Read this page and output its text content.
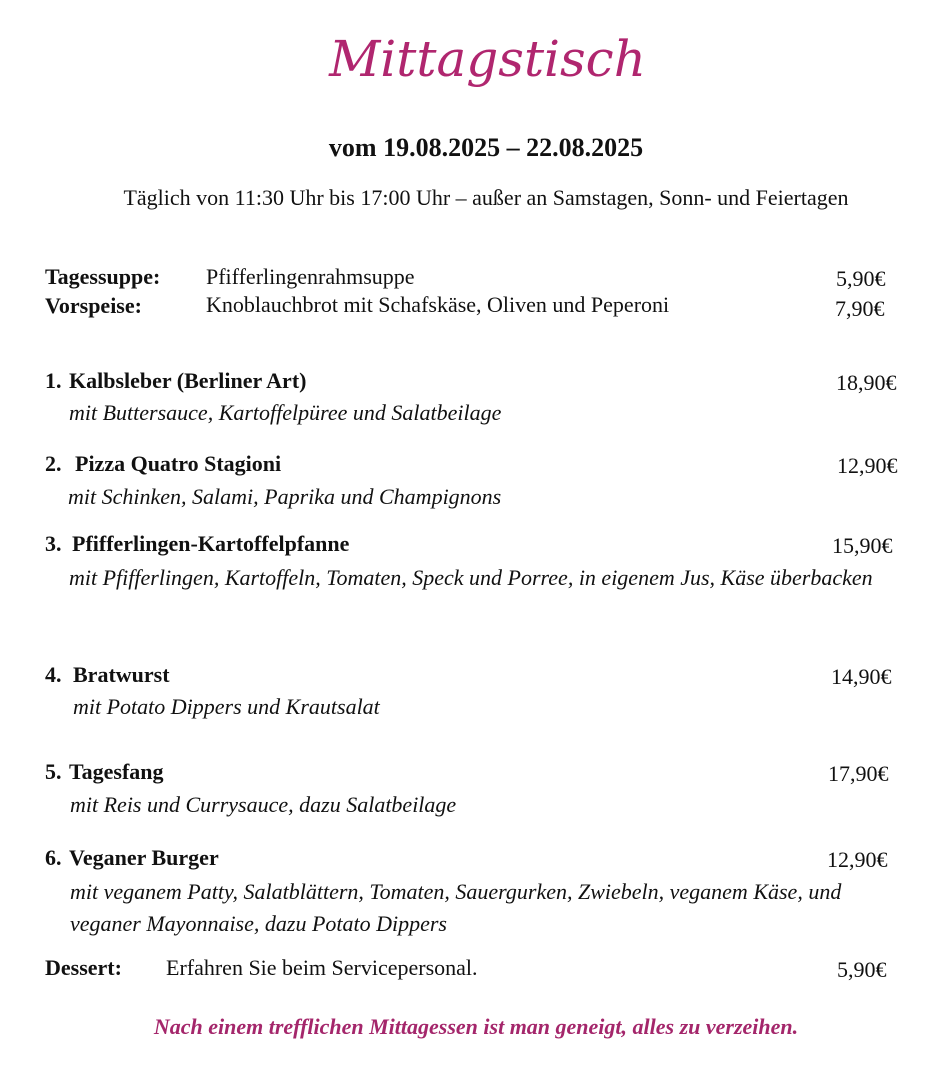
Mittagstisch
vom 19.08.2025 – 22.08.2025
Täglich von 11:30 Uhr bis 17:00 Uhr – außer an Samstagen, Sonn- und Feiertagen
Tagessuppe: Pfifferlingenrahmsuppe	5,90€
Vorspeise:	Knoblauchbrot mit Schafskäse, Oliven und Peperoni	7,90€
1. Kalbsleber (Berliner Art)	18,90€
mit Buttersauce, Kartoffelpüree und Salatbeilage
2. Pizza Quatro Stagioni	12,90€
mit Schinken, Salami, Paprika und Champignons
3. Pfifferlingen-Kartoffelpfanne	15,90€
mit Pfifferlingen, Kartoffeln, Tomaten, Speck und Porree, in eigenem Jus, Käse überbacken
4. Bratwurst	14,90€
mit Potato Dippers und Krautsalat
5. Tagesfang	17,90€
mit Reis und Currysauce, dazu Salatbeilage
6. Veganer Burger	12,90€
mit veganem Patty, Salatblättern, Tomaten, Sauergurken, Zwiebeln, veganem Käse, und veganer Mayonnaise, dazu Potato Dippers
Dessert: Erfahren Sie beim Servicepersonal.	5,90€
Nach einem trefflichen Mittagessen ist man geneigt, alles zu verzeihen.
